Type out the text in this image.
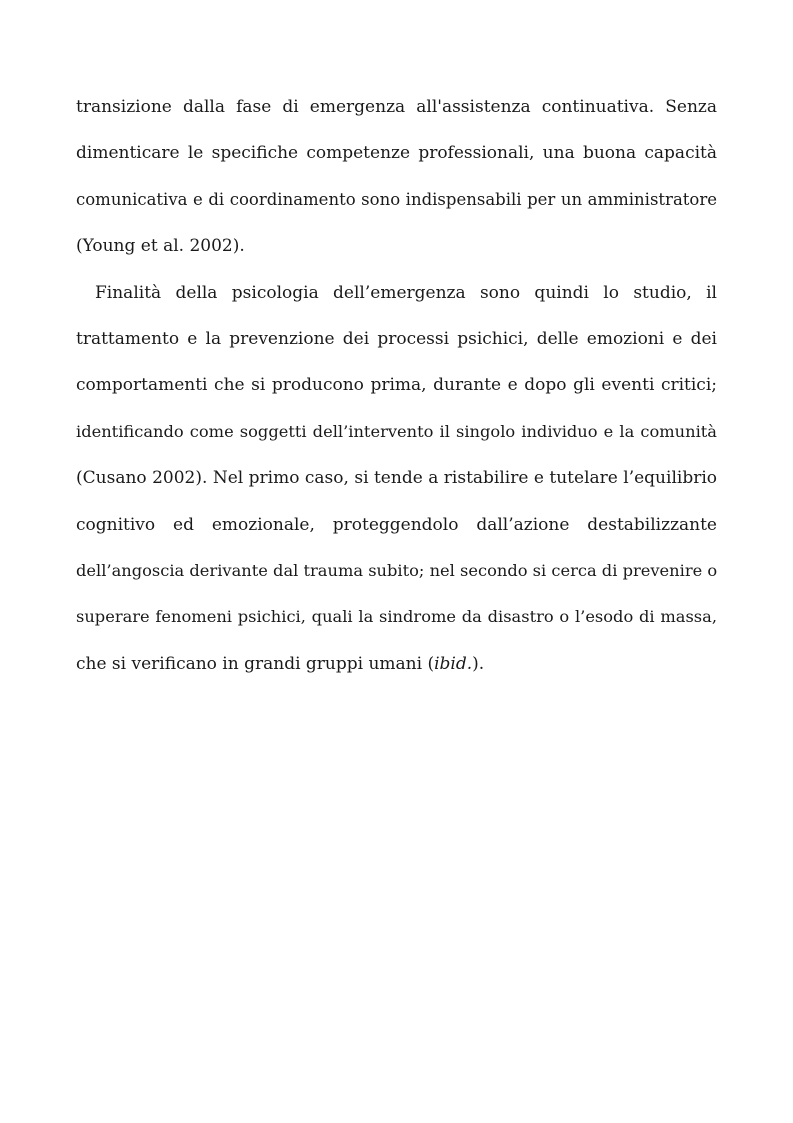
transizione dalla fase di emergenza all'assistenza continuativa. Senza
dimenticare le specifiche competenze professionali, una buona capacità
comunicativa e di coordinamento sono indispensabili per un amministratore
(Young et al. 2002).
Finalità della psicologia dell’emergenza sono quindi lo studio, il
trattamento e la prevenzione dei processi psichici, delle emozioni e dei
comportamenti che si producono prima, durante e dopo gli eventi critici;
identificando come soggetti dell’intervento il singolo individuo e la comunità
(Cusano 2002). Nel primo caso, si tende a ristabilire e tutelare l’equilibrio
cognitivo ed emozionale, proteggendolo dall’azione destabilizzante
dell’angoscia derivante dal trauma subito; nel secondo si cerca di prevenire o
superare fenomeni psichici, quali la sindrome da disastro o l’esodo di massa,
che si verificano in grandi gruppi umani (ibid.).
